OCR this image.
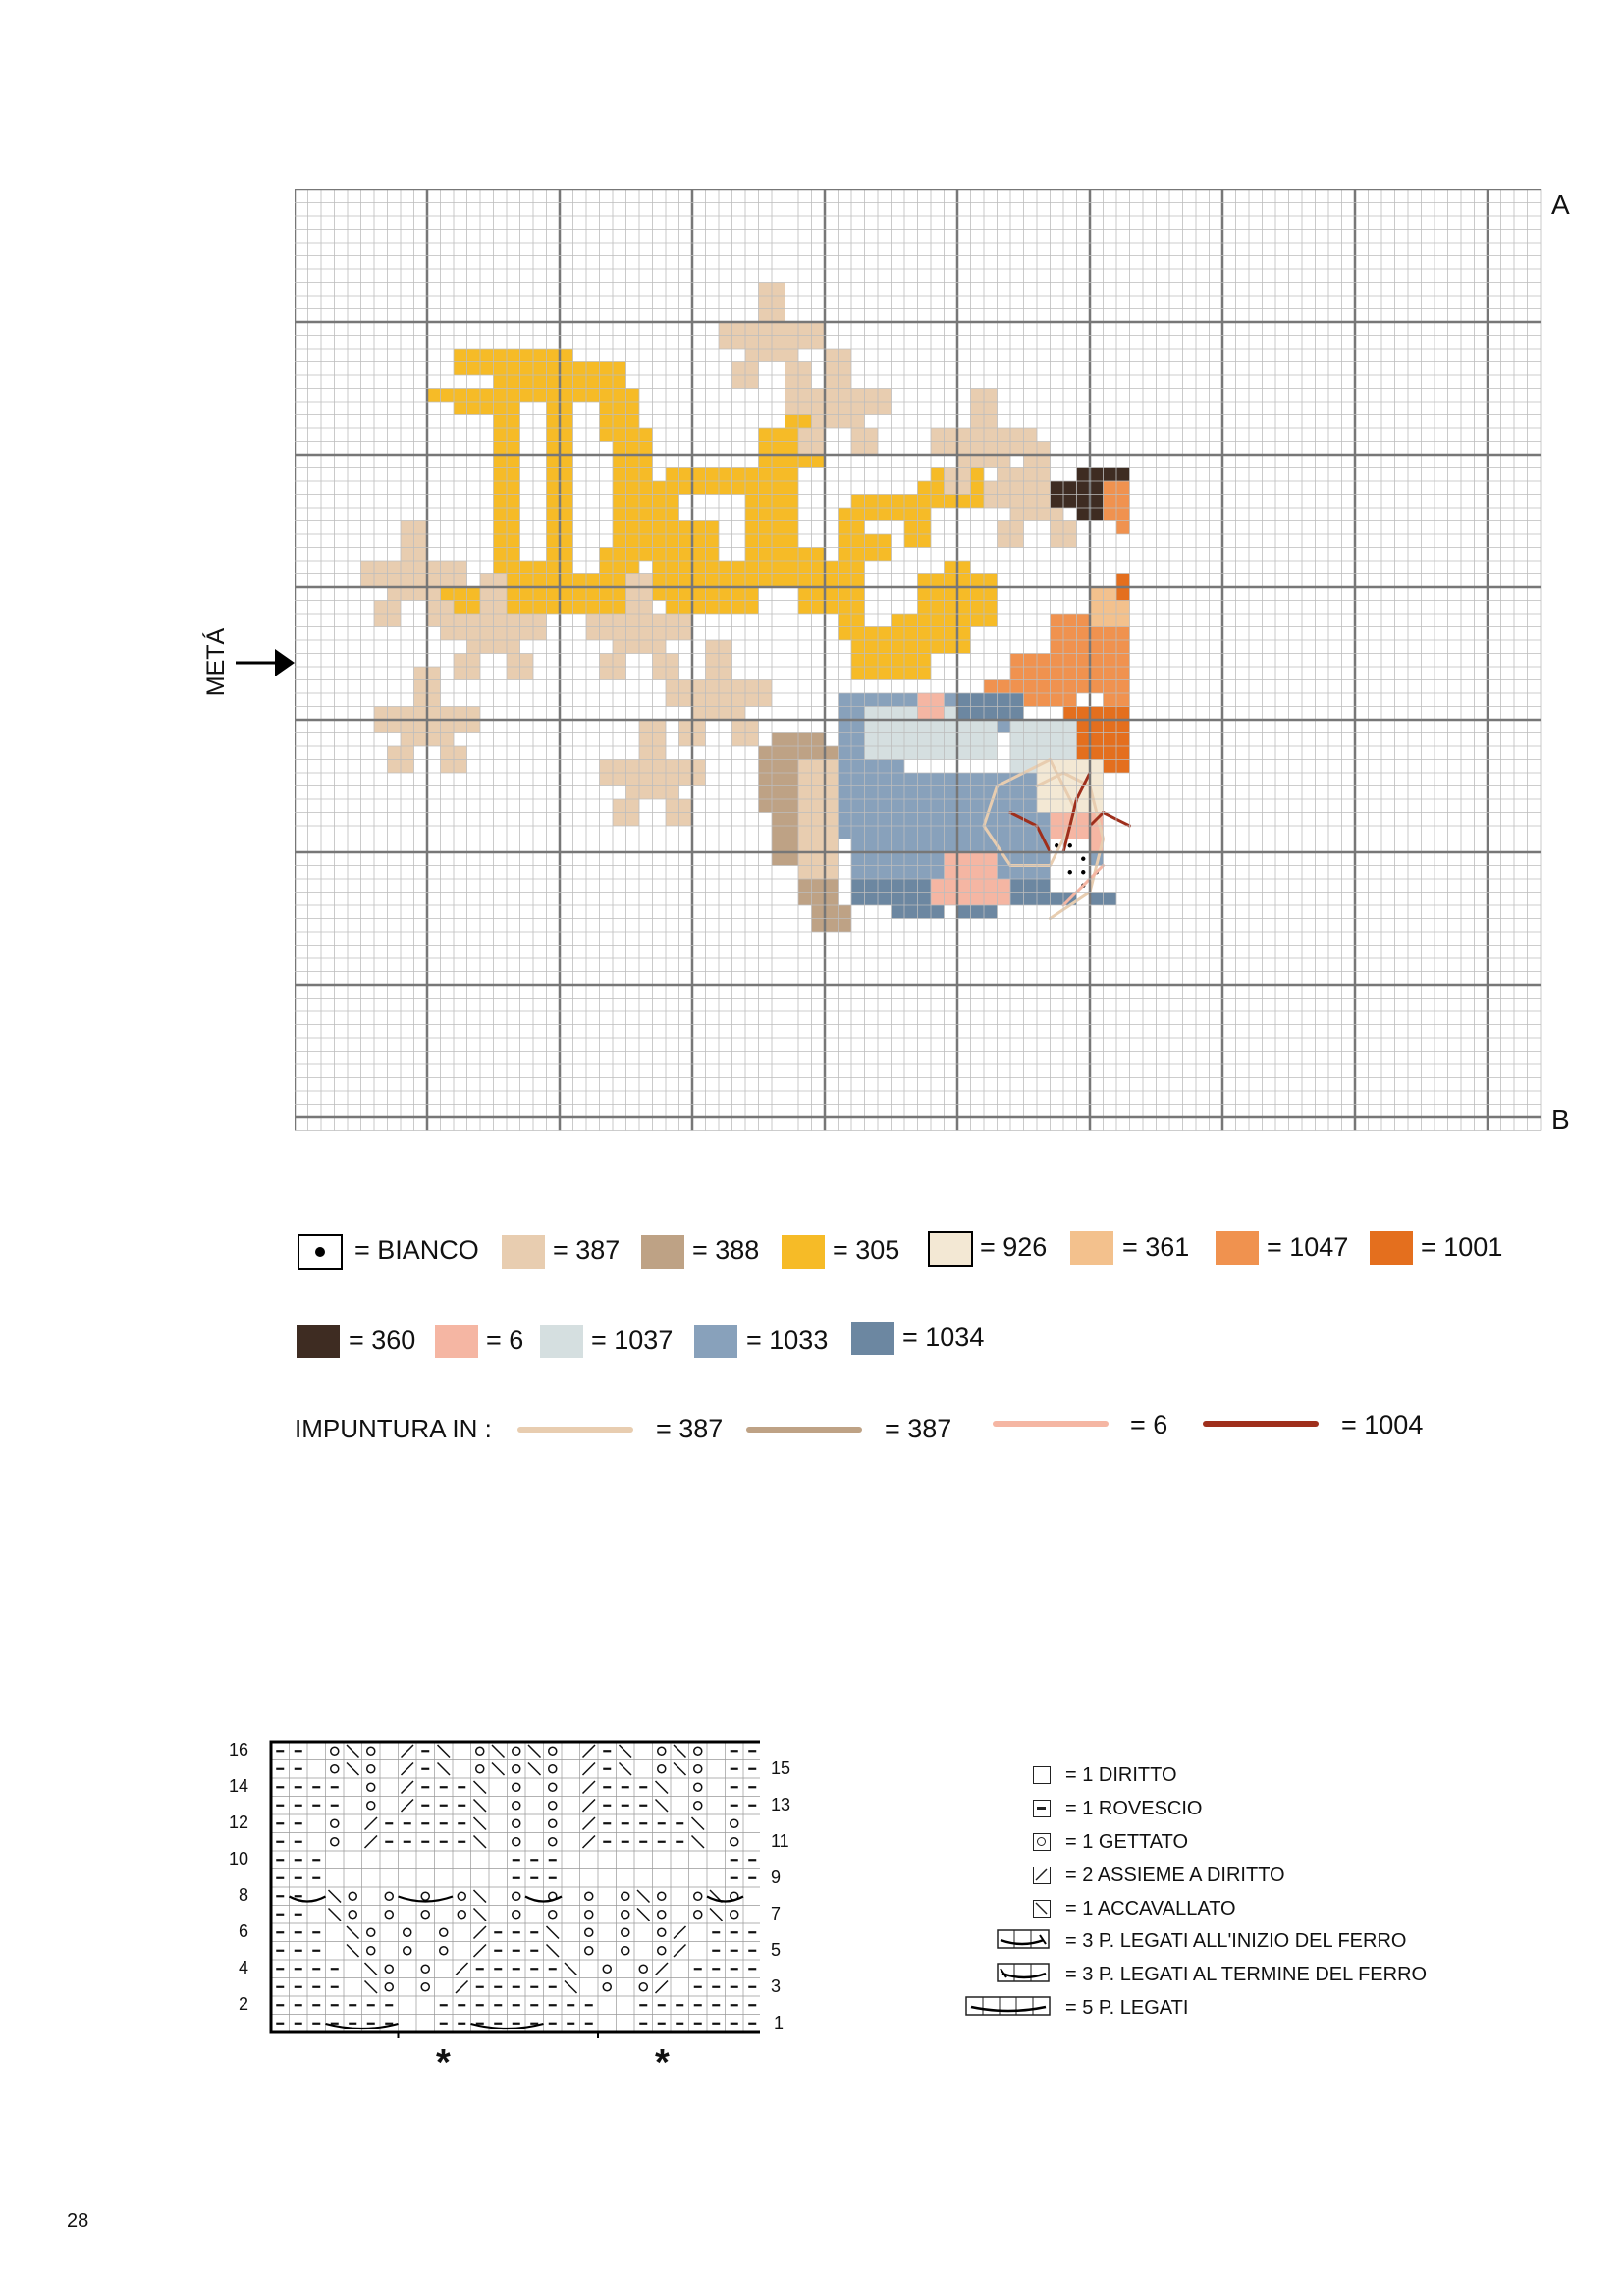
A
B
METÁ
= BIANCO	= 387	= 388	= 305	= 926	= 361	= 1047	= 1001
= 360	= 6	= 1037	= 1033	= 1034
IMPUNTURA IN :	= 387	= 387	= 6	= 1004
16
14
12
10
8
6
4
2
15
13
11
9
7
5
3
1
*	*
= 1 DIRITTO
= 1 ROVESCIO
= 1 GETTATO
= 2 ASSIEME A DIRITTO
= 1 ACCAVALLATO
= 3 P. LEGATI ALL'INIZIO DEL FERRO
= 3 P. LEGATI AL TERMINE DEL FERRO
= 5 P. LEGATI
28
